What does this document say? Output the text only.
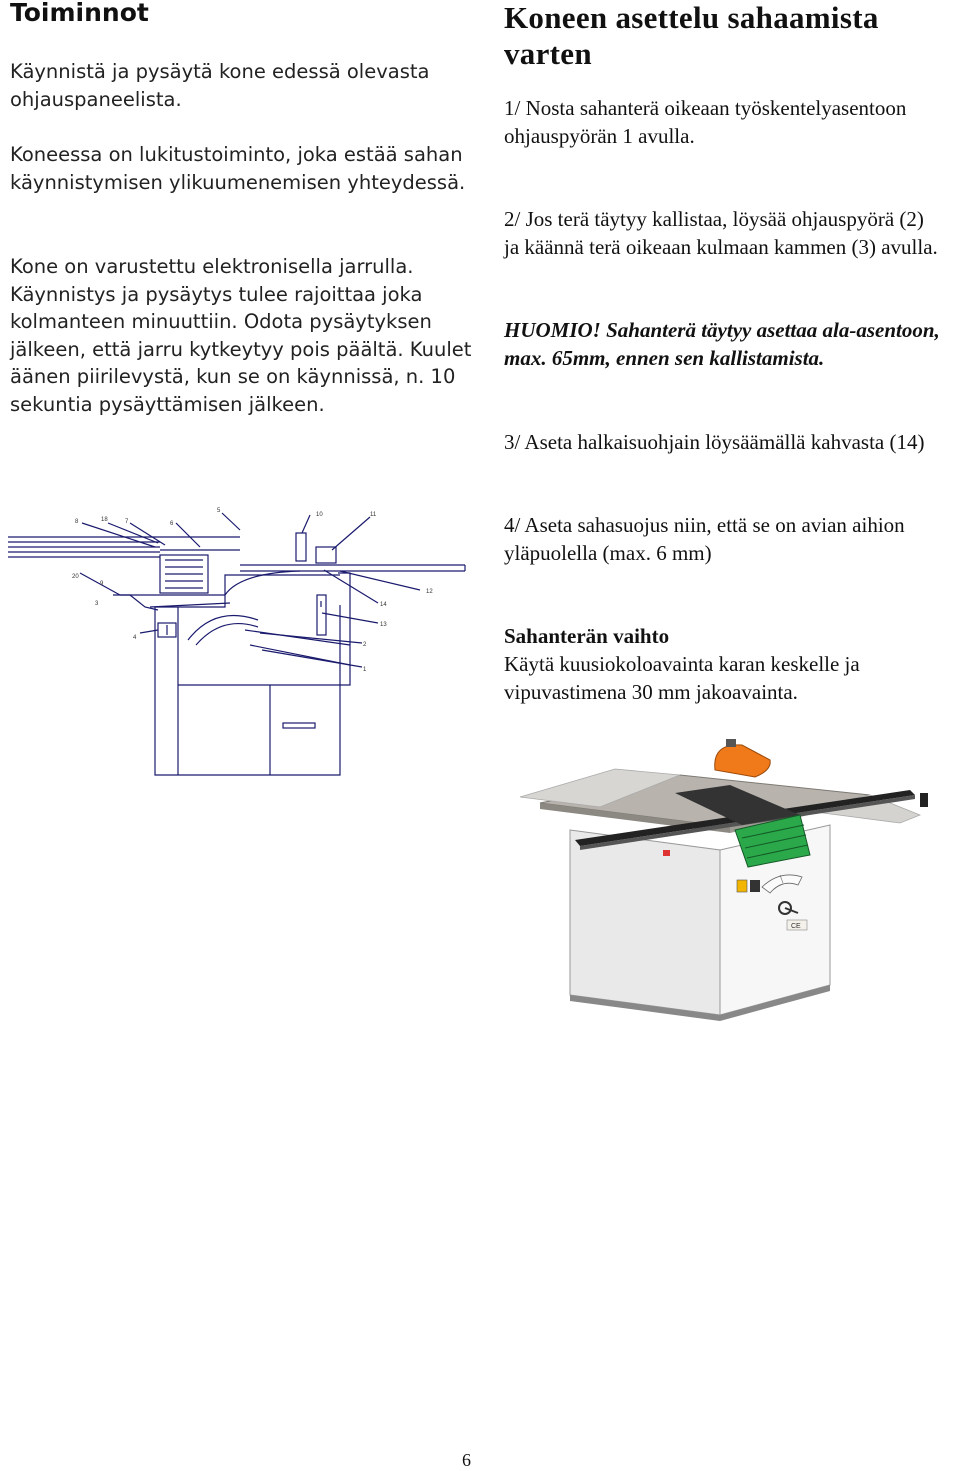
Toiminnot

Käynnistä ja pysäytä kone edessä olevasta ohjauspaneelista.

Koneessa on lukitustoiminto, joka estää sahan käynnistymisen ylikuumenemisen yhteydessä.

Kone on varustettu elektronisella jarrulla. Käynnistys ja pysäytys tulee rajoittaa joka kolmanteen minuuttiin. Odota pysäytyksen jälkeen, että jarru kytkeytyy pois päältä. Kuulet äänen piirilevystä, kun se on käynnissä, n. 10 sekuntia pysäyttämisen jälkeen.

8	18	7	6
5
10	11
20
9
3	14
12
4
13
2
1
Koneen asettelu sahaamista varten

1/ Nosta sahanterä oikeaan työskentelyasentoon ohjauspyörän 1 avulla.

2/ Jos terä täytyy kallistaa, löysää ohjauspyörä (2) ja käännä terä oikeaan kulmaan kammen (3) avulla.

HUOMIO! Sahanterä täytyy asettaa ala-asentoon, max. 65mm, ennen sen kallistamista.

3/ Aseta halkaisuohjain löysäämällä kahvasta (14)

4/ Aseta sahasuojus niin, että se on avian aihion yläpuolella (max. 6 mm)

Sahanterän vaihto
Käytä kuusiokoloavainta karan keskelle ja vipuvastimena 30 mm jakoavainta.

CE
6
